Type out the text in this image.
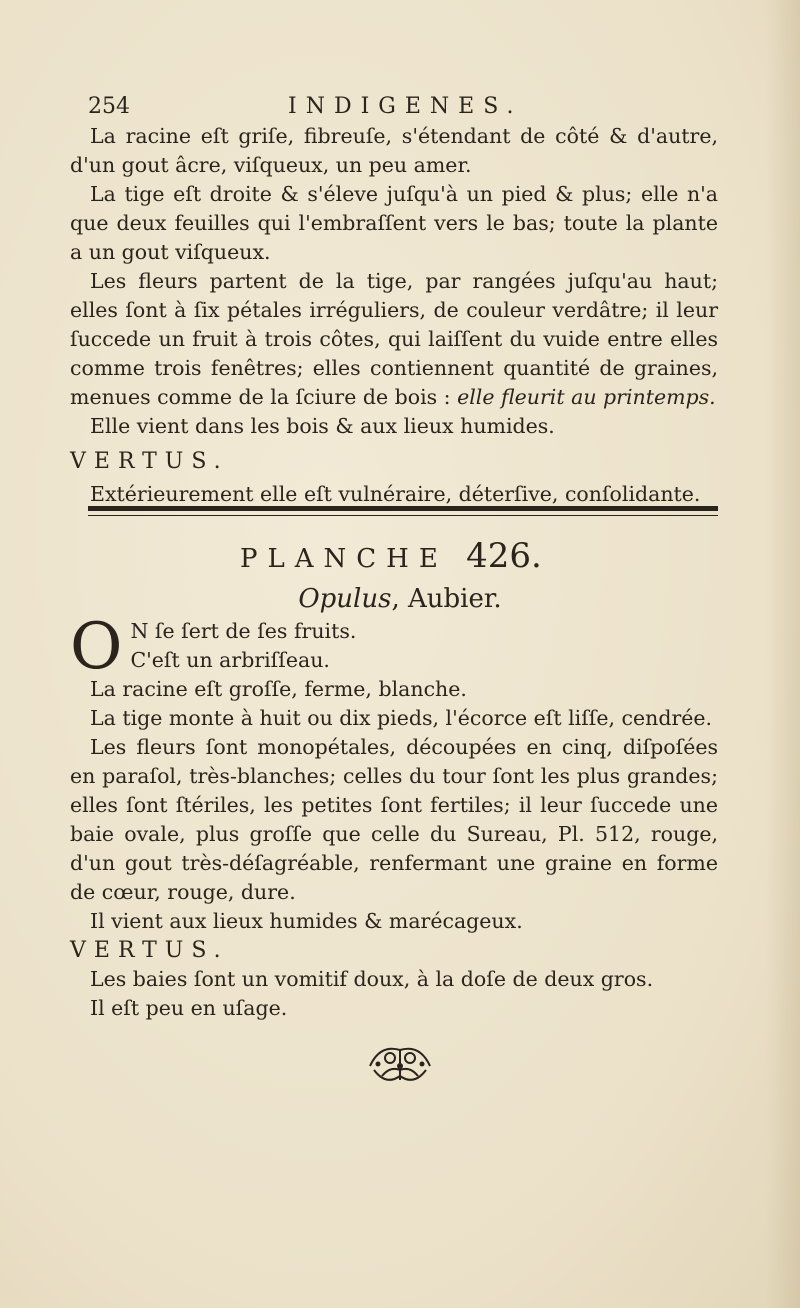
254	INDIGENES.

La racine eſt griſe, fibreuſe, s'étendant de côté & d'autre, d'un gout âcre, viſqueux, un peu amer.

La tige eſt droite & s'éleve juſqu'à un pied & plus; elle n'a que deux feuilles qui l'embraſſent vers le bas; toute la plante a un gout viſqueux.

Les fleurs partent de la tige, par rangées juſqu'au haut; elles ſont à ſix pétales irréguliers, de couleur verdâtre; il leur ſuccede un fruit à trois côtes, qui laiſſent du vuide entre elles comme trois fenêtres; elles contiennent quantité de graines, menues comme de la ſciure de bois : elle fleurit au printemps.

Elle vient dans les bois & aux lieux humides.

VERTUS.

Extérieurement elle eſt vulnéraire, déterſive, conſolidante.

PLANCHE 426.
Opulus, Aubier.

O N ſe ſert de ſes fruits.
C'eſt un arbriſſeau.

La racine eſt groſſe, ferme, blanche.

La tige monte à huit ou dix pieds, l'écorce eſt liſſe, cendrée.

Les fleurs ſont monopétales, découpées en cinq, diſpoſées en paraſol, très-blanches; celles du tour ſont les plus grandes; elles ſont ſtériles, les petites ſont fertiles; il leur ſuccede une baie ovale, plus groſſe que celle du Sureau, Pl. 512, rouge, d'un gout très-déſagréable, renfermant une graine en forme de cœur, rouge, dure.

Il vient aux lieux humides & marécageux.

VERTUS.

Les baies ſont un vomitif doux, à la doſe de deux gros.

Il eſt peu en uſage.
